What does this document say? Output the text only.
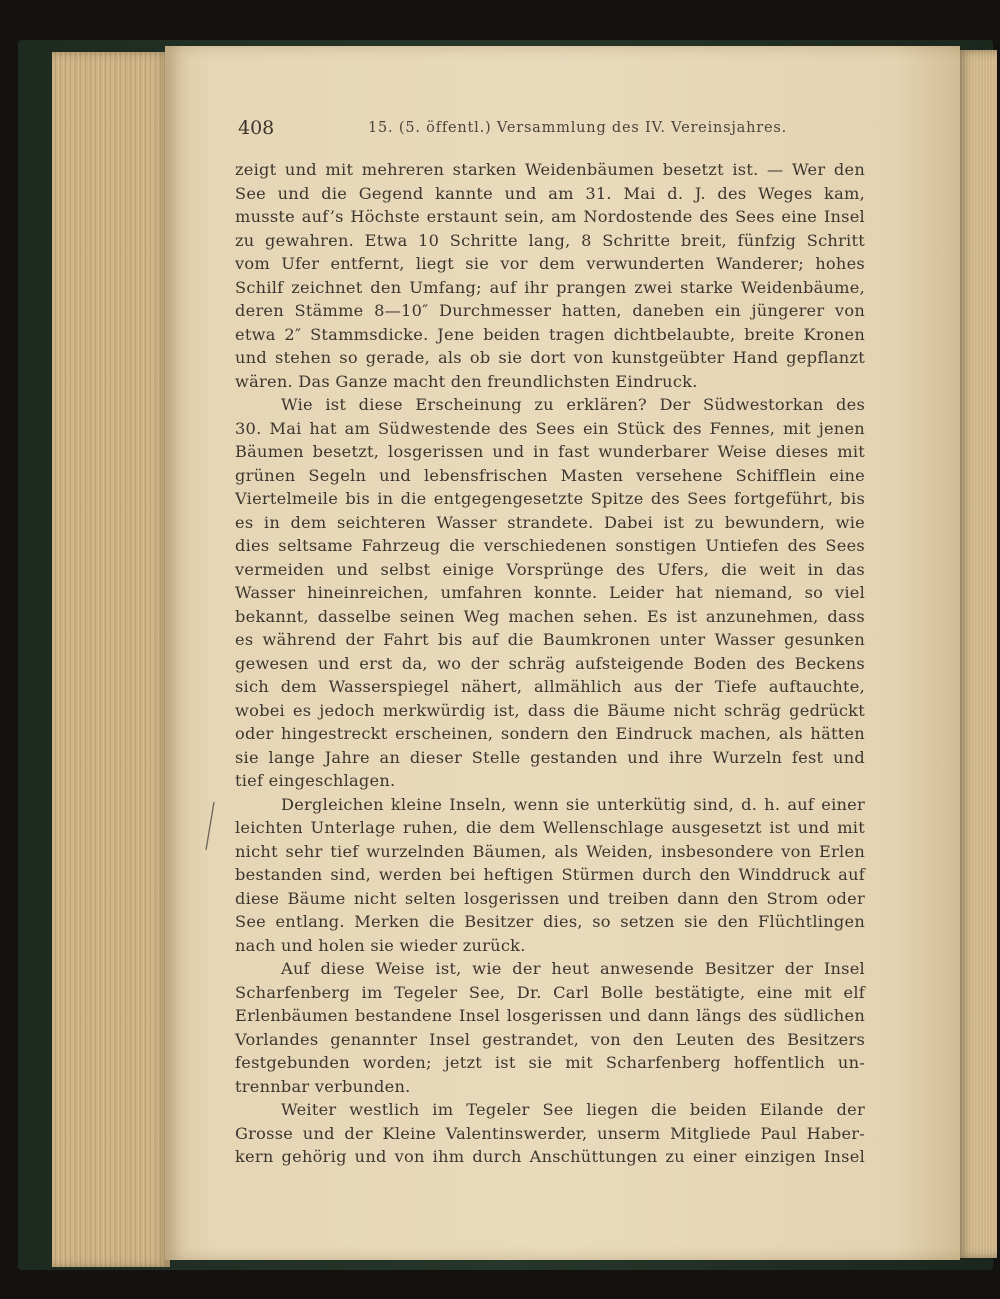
408	15. (5. öffentl.) Versammlung des IV. Vereinsjahres.

zeigt und mit mehreren starken Weidenbäumen besetzt ist. — Wer den

See und die Gegend kannte und am 31. Mai d. J. des Weges kam,

musste auf’s Höchste erstaunt sein, am Nordostende des Sees eine Insel

zu gewahren. Etwa 10 Schritte lang, 8 Schritte breit, fünfzig Schritt

vom Ufer entfernt, liegt sie vor dem verwunderten Wanderer; hohes

Schilf zeichnet den Umfang; auf ihr prangen zwei starke Weidenbäume,

deren Stämme 8—10″ Durchmesser hatten, daneben ein jüngerer von

etwa 2″ Stammsdicke. Jene beiden tragen dichtbelaubte, breite Kronen

und stehen so gerade, als ob sie dort von kunstgeübter Hand gepflanzt

wären. Das Ganze macht den freundlichsten Eindruck.

Wie ist diese Erscheinung zu erklären? Der Südwestorkan des

30. Mai hat am Südwestende des Sees ein Stück des Fennes, mit jenen

Bäumen besetzt, losgerissen und in fast wunderbarer Weise dieses mit

grünen Segeln und lebensfrischen Masten versehene Schifflein eine

Viertelmeile bis in die entgegengesetzte Spitze des Sees fortgeführt, bis

es in dem seichteren Wasser strandete. Dabei ist zu bewundern, wie

dies seltsame Fahrzeug die verschiedenen sonstigen Untiefen des Sees

vermeiden und selbst einige Vorsprünge des Ufers, die weit in das

Wasser hineinreichen, umfahren konnte. Leider hat niemand, so viel

bekannt, dasselbe seinen Weg machen sehen. Es ist anzunehmen, dass

es während der Fahrt bis auf die Baumkronen unter Wasser gesunken

gewesen und erst da, wo der schräg aufsteigende Boden des Beckens

sich dem Wasserspiegel nähert, allmählich aus der Tiefe auftauchte,

wobei es jedoch merkwürdig ist, dass die Bäume nicht schräg gedrückt

oder hingestreckt erscheinen, sondern den Eindruck machen, als hätten

sie lange Jahre an dieser Stelle gestanden und ihre Wurzeln fest und

tief eingeschlagen.

Dergleichen kleine Inseln, wenn sie unterkütig sind, d. h. auf einer

leichten Unterlage ruhen, die dem Wellenschlage ausgesetzt ist und mit

nicht sehr tief wurzelnden Bäumen, als Weiden, insbesondere von Erlen

bestanden sind, werden bei heftigen Stürmen durch den Winddruck auf

diese Bäume nicht selten losgerissen und treiben dann den Strom oder

See entlang. Merken die Besitzer dies, so setzen sie den Flüchtlingen

nach und holen sie wieder zurück.

Auf diese Weise ist, wie der heut anwesende Besitzer der Insel

Scharfenberg im Tegeler See, Dr. Carl Bolle bestätigte, eine mit elf

Erlenbäumen bestandene Insel losgerissen und dann längs des südlichen

Vorlandes genannter Insel gestrandet, von den Leuten des Besitzers

festgebunden worden; jetzt ist sie mit Scharfenberg hoffentlich un-

trennbar verbunden.

Weiter westlich im Tegeler See liegen die beiden Eilande der

Grosse und der Kleine Valentinswerder, unserm Mitgliede Paul Haber-

kern gehörig und von ihm durch Anschüttungen zu einer einzigen Insel
